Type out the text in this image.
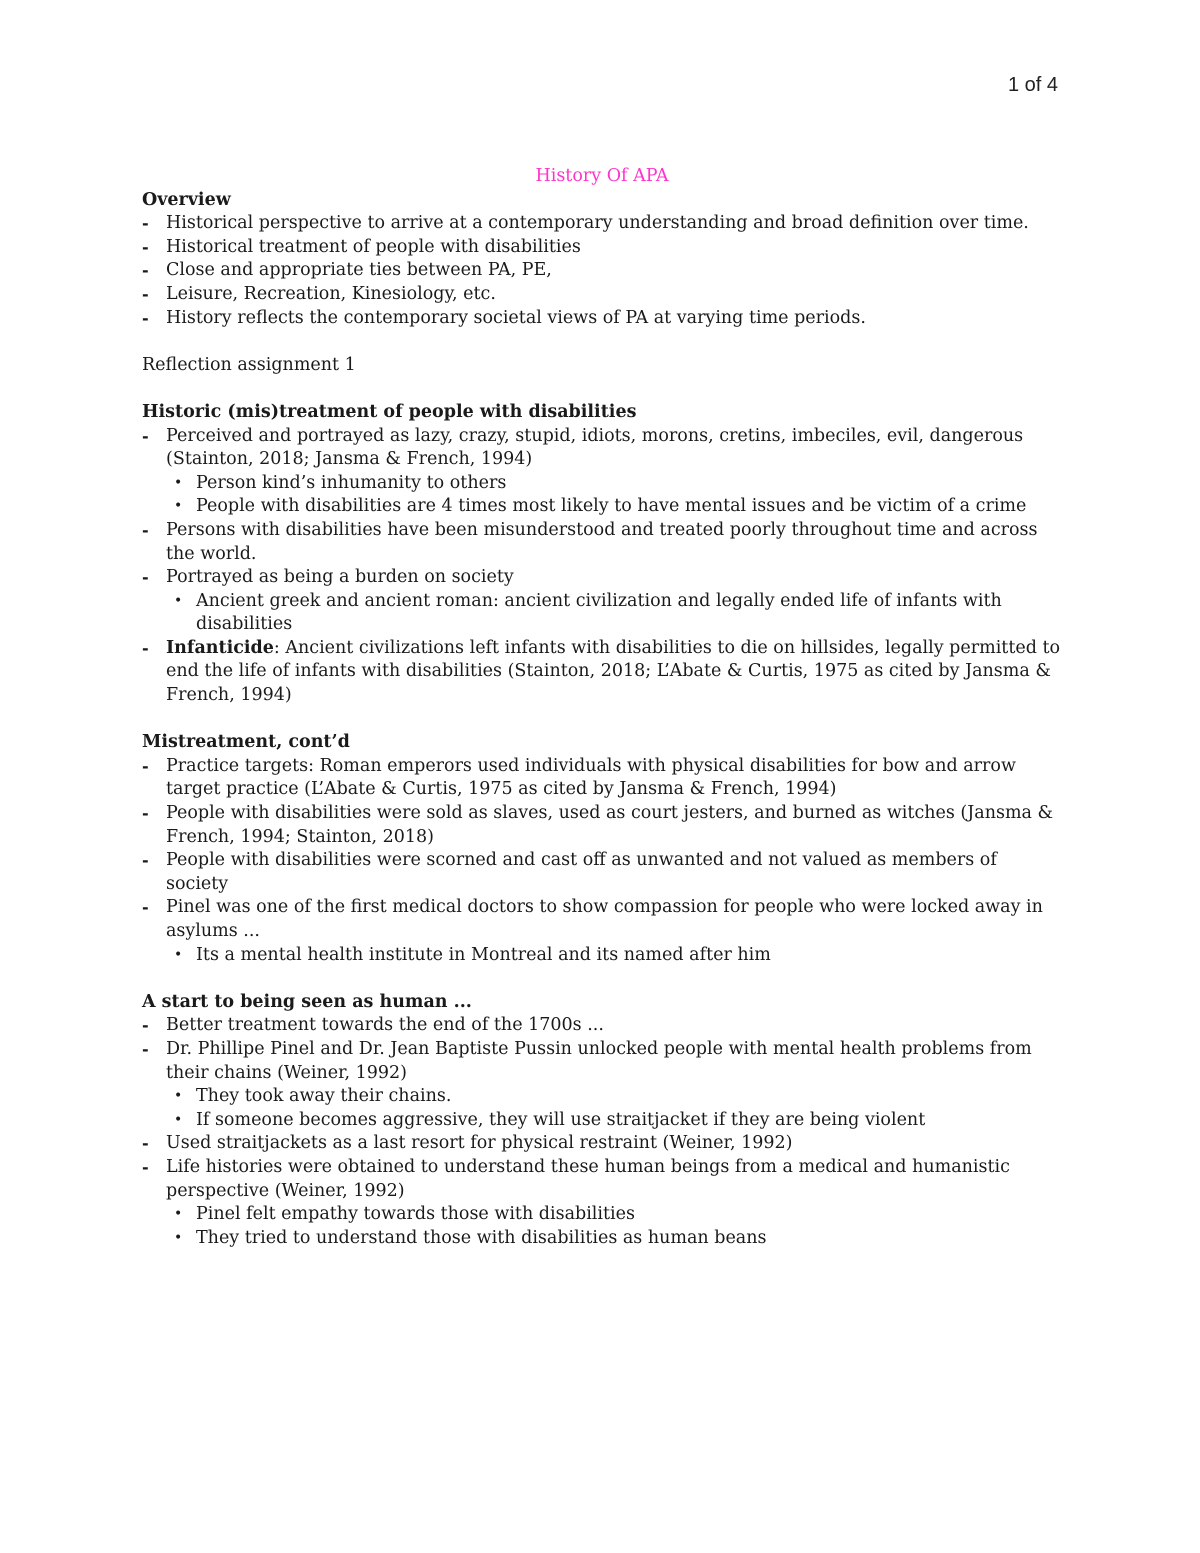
1 of 4

History Of APA

Overview

- Historical perspective to arrive at a contemporary understanding and broad definition over time.
- Historical treatment of people with disabilities
- Close and appropriate ties between PA, PE,
- Leisure, Recreation, Kinesiology, etc.
- History reflects the contemporary societal views of PA at varying time periods.

Reflection assignment 1

Historic (mis)treatment of people with disabilities

- Perceived and portrayed as lazy, crazy, stupid, idiots, morons, cretins, imbeciles, evil, dangerous (Stainton, 2018; Jansma & French, 1994)
• Person kind’s inhumanity to others
• People with disabilities are 4 times most likely to have mental issues and be victim of a crime
- Persons with disabilities have been misunderstood and treated poorly throughout time and across the world.
- Portrayed as being a burden on society
• Ancient greek and ancient roman: ancient civilization and legally ended life of infants with disabilities
- Infanticide: Ancient civilizations left infants with disabilities to die on hillsides, legally permitted to end the life of infants with disabilities (Stainton, 2018; L’Abate & Curtis, 1975 as cited by Jansma & French, 1994)

Mistreatment, cont’d

- Practice targets: Roman emperors used individuals with physical disabilities for bow and arrow target practice (L’Abate & Curtis, 1975 as cited by Jansma & French, 1994)
- People with disabilities were sold as slaves, used as court jesters, and burned as witches (Jansma & French, 1994; Stainton, 2018)
- People with disabilities were scorned and cast off as unwanted and not valued as members of society
- Pinel was one of the first medical doctors to show compassion for people who were locked away in asylums ...
• Its a mental health institute in Montreal and its named after him

A start to being seen as human ...

- Better treatment towards the end of the 1700s ...
- Dr. Phillipe Pinel and Dr. Jean Baptiste Pussin unlocked people with mental health problems from their chains (Weiner, 1992)
• They took away their chains.
• If someone becomes aggressive, they will use straitjacket if they are being violent
- Used straitjackets as a last resort for physical restraint (Weiner, 1992)
- Life histories were obtained to understand these human beings from a medical and humanistic perspective (Weiner, 1992)
• Pinel felt empathy towards those with disabilities
• They tried to understand those with disabilities as human beans
